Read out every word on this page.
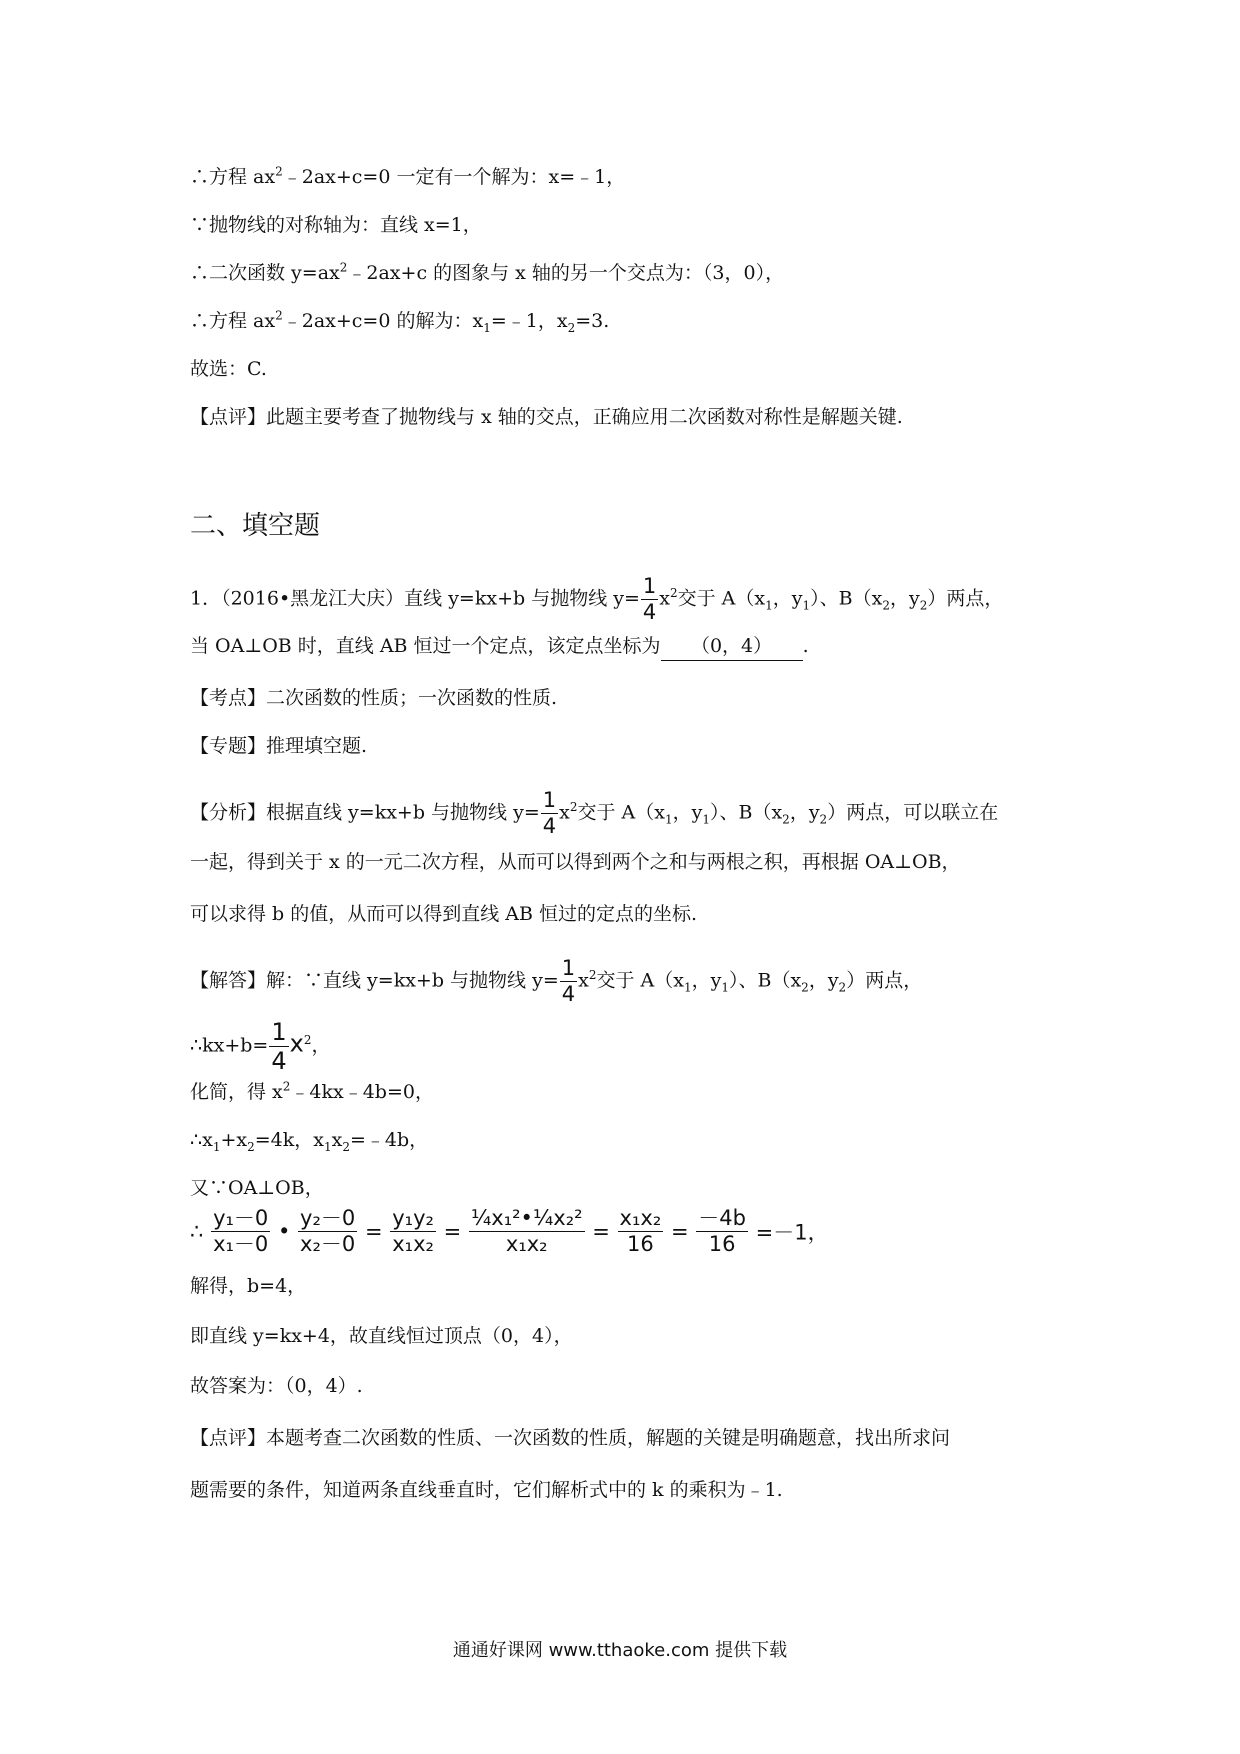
∴方程 $ax^2﹣2ax+c=0$ 一定有一个解为：x=﹣1，
∵抛物线的对称轴为：直线 x=1，
∴二次函数 $y=ax^2﹣2ax+c$ 的图象与 x 轴的另一个交点为：（3，0），
∴方程 $ax^2﹣2ax+c=0$ 的解为：$x_1=﹣1$，$x_2=3$.
故选：C.
【点评】此题主要考查了抛物线与 x 轴的交点，正确应用二次函数对称性是解题关键.
二、填空题
1．（2016•黑龙江大庆）直线 y=kx+b 与抛物线 $y= \frac{1}{4} x^2$交于 $A(x_1$，$y_1$）、$B(x_2$，$y_2$）两点，
当 OA⊥OB 时，直线 AB 恒过一个定点，该定点坐标为 （0，4） .
【考点】二次函数的性质；一次函数的性质.
【专题】推理填空题.
【分析】根据直线 y=kx+b 与抛物线 $y= \frac{1}{4} x^2$交于 $A(x_1$，$y_1$）、$B(x_2$，$y_2$）两点，可以联立在
一起，得到关于 x 的一元二次方程，从而可以得到两个之和与两根之积，再根据 OA⊥OB，
可以求得 b 的值，从而可以得到直线 AB 恒过的定点的坐标.
【解答】解：∵直线 y=kx+b 与抛物线 $y= \frac{1}{4} x^2$交于 $A(x_1$，$y_1$）、$B(x_2$，$y_2$）两点，
∴kx+b= $\frac{1}{4} x^2$，
化简，得 $x^2﹣4kx﹣4b=0$，
$\therefore x_1+x_2=4k$，$x_1x_2=﹣4b$，
又∵OA⊥OB，
∴ $\frac{\text{y₁－0}}{\text{x₁－0}}$ • $\frac{\text{y₂－0}}{\text{x₂－0}} = \frac{\text{y₁y₂}}{\text{x₁x₂}} = \frac{\text{¼x₁²•¼x₂²}}{\text{x₁x₂}} = \frac{\text{x₁x₂}}{16} = \frac{-4b}{16} =-1$，
解得，b=4，
即直线 y=kx+4，故直线恒过顶点（0，4），
故答案为：（0，4）.
【点评】本题考查二次函数的性质、一次函数的性质，解题的关键是明确题意，找出所求问
题需要的条件，知道两条直线垂直时，它们解析式中的 k 的乘积为﹣1.
通通好课网 www.tthaoke.com 提供下载
